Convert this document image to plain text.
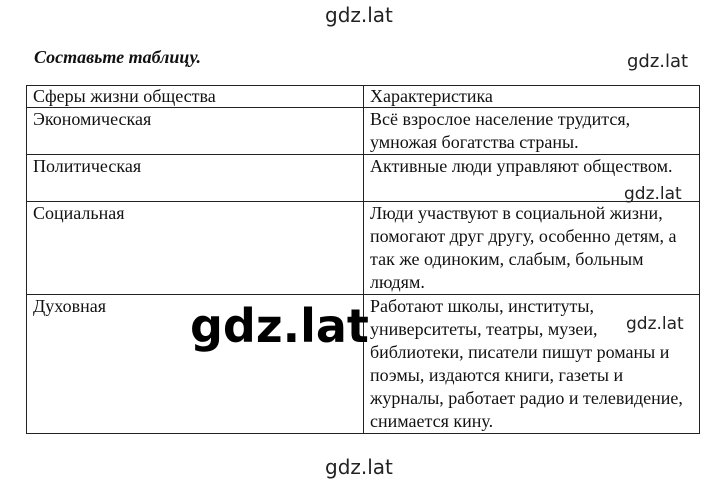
gdz.lat
Составьте таблицу.	gdz.lat
Сферы жизни общества	Характеристика
Экономическая	Всё взрослое население трудится, умножая богатства страны.
Политическая	Активные люди управляют обществом.
Социальная	Люди участвуют в социальной жизни, помогают друг другу, особенно детям, а так же одиноким, слабым, больным людям.
Духовная	Работают школы, институты, университеты, театры, музеи, библиотеки, писатели пишут романы и поэмы, издаются книги, газеты и журналы, работает радио и телевидение, снимается кину.
gdz.lat
gdz.lat
gdz.lat
gdz.lat
